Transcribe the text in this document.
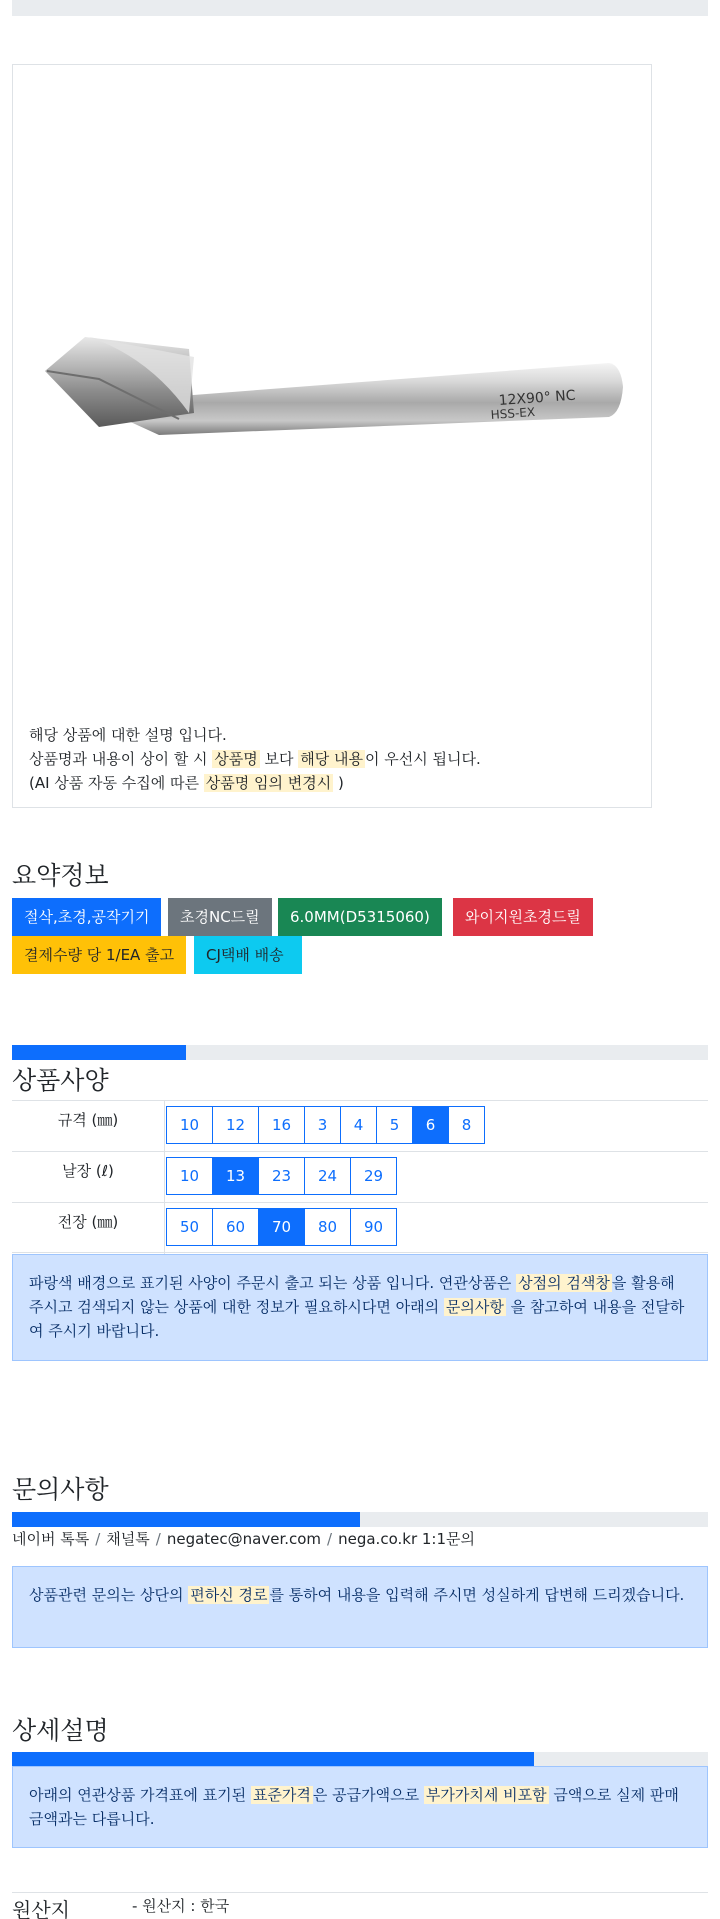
12X90° NC
HSS-EX
해당 상품에 대한 설명 입니다.
상품명과 내용이 상이 할 시 상품명 보다 해당 내용 이 우선시 됩니다.
(AI 상품 자동 수집에 따른 상품명 임의 변경시 )
요약정보
절삭,초경,공작기기	초경NC드릴	6.0MM(D5315060)	와이지원초경드릴
결제수량 당 1/EA 출고	CJ택배 배송
상품사양
규격 (㎜)	10	12	16	3	4	5	6	8
날장 (ℓ)	10	13	23	24	29
전장 (㎜)	50	60	70	80	90
파랑색 배경으로 표기된 사양이 주문시 출고 되는 상품 입니다. 연관상품은 상점의 검색창 을 활용해 주시고 검색되지 않는 상품에 대한 정보가 필요하시다면 아래의 문의사항 을 참고하여 내용을 전달하여 주시기 바랍니다.
문의사항
네이버 톡톡 / 채널톡 / negatec@naver.com / nega.co.kr 1:1문의
상품관련 문의는 상단의 편하신 경로 를 통하여 내용을 입력해 주시면 성실하게 답변해 드리겠습니다.
상세설명
아래의 연관상품 가격표에 표기된 표준가격 은 공급가액으로 부가가치세 비포함 금액으로 실제 판매금액과는 다릅니다.
원산지	- 원산지 : 한국
